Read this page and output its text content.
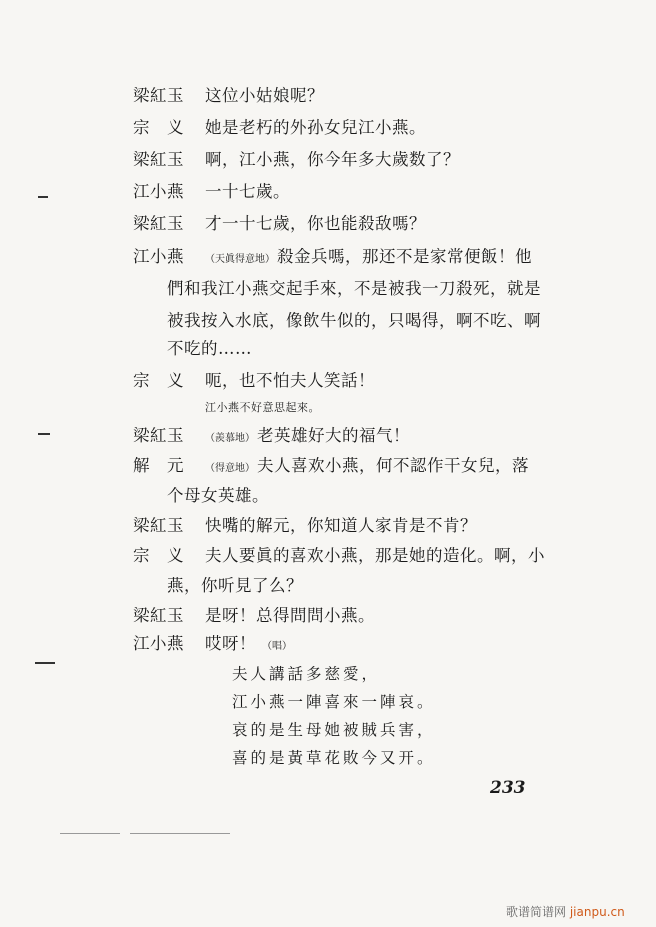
梁紅玉 这位小姑娘呢？
宗　义 她是老朽的外孙女兒江小燕。
梁紅玉 啊，江小燕，你今年多大歲数了？
江小燕 一十七歲。
梁紅玉 才一十七歲，你也能殺敌嗎？
江小燕 （天眞得意地） 殺金兵嗎，那还不是家常便飯！他
們和我江小燕交起手來，不是被我一刀殺死，就是
被我按入水底，像飲牛似的，只喝得，啊不吃、啊
不吃的……
宗　义 呃，也不怕夫人笑話！
江小燕不好意思起來。
梁紅玉 （羨慕地） 老英雄好大的福气！
解　元 （得意地） 夫人喜欢小燕，何不認作干女兒，落
个母女英雄。
梁紅玉 快嘴的解元，你知道人家肯是不肯？
宗　义 夫人要眞的喜欢小燕，那是她的造化。啊，小
燕，你听見了么？
梁紅玉 是呀！总得問問小燕。
江小燕 哎呀！ （唱）
夫人講話多慈愛，
江小燕一陣喜來一陣哀。
哀的是生母她被賊兵害，
喜的是黃草花敗今又开。
233
歌谱简谱网 jianpu.cn
